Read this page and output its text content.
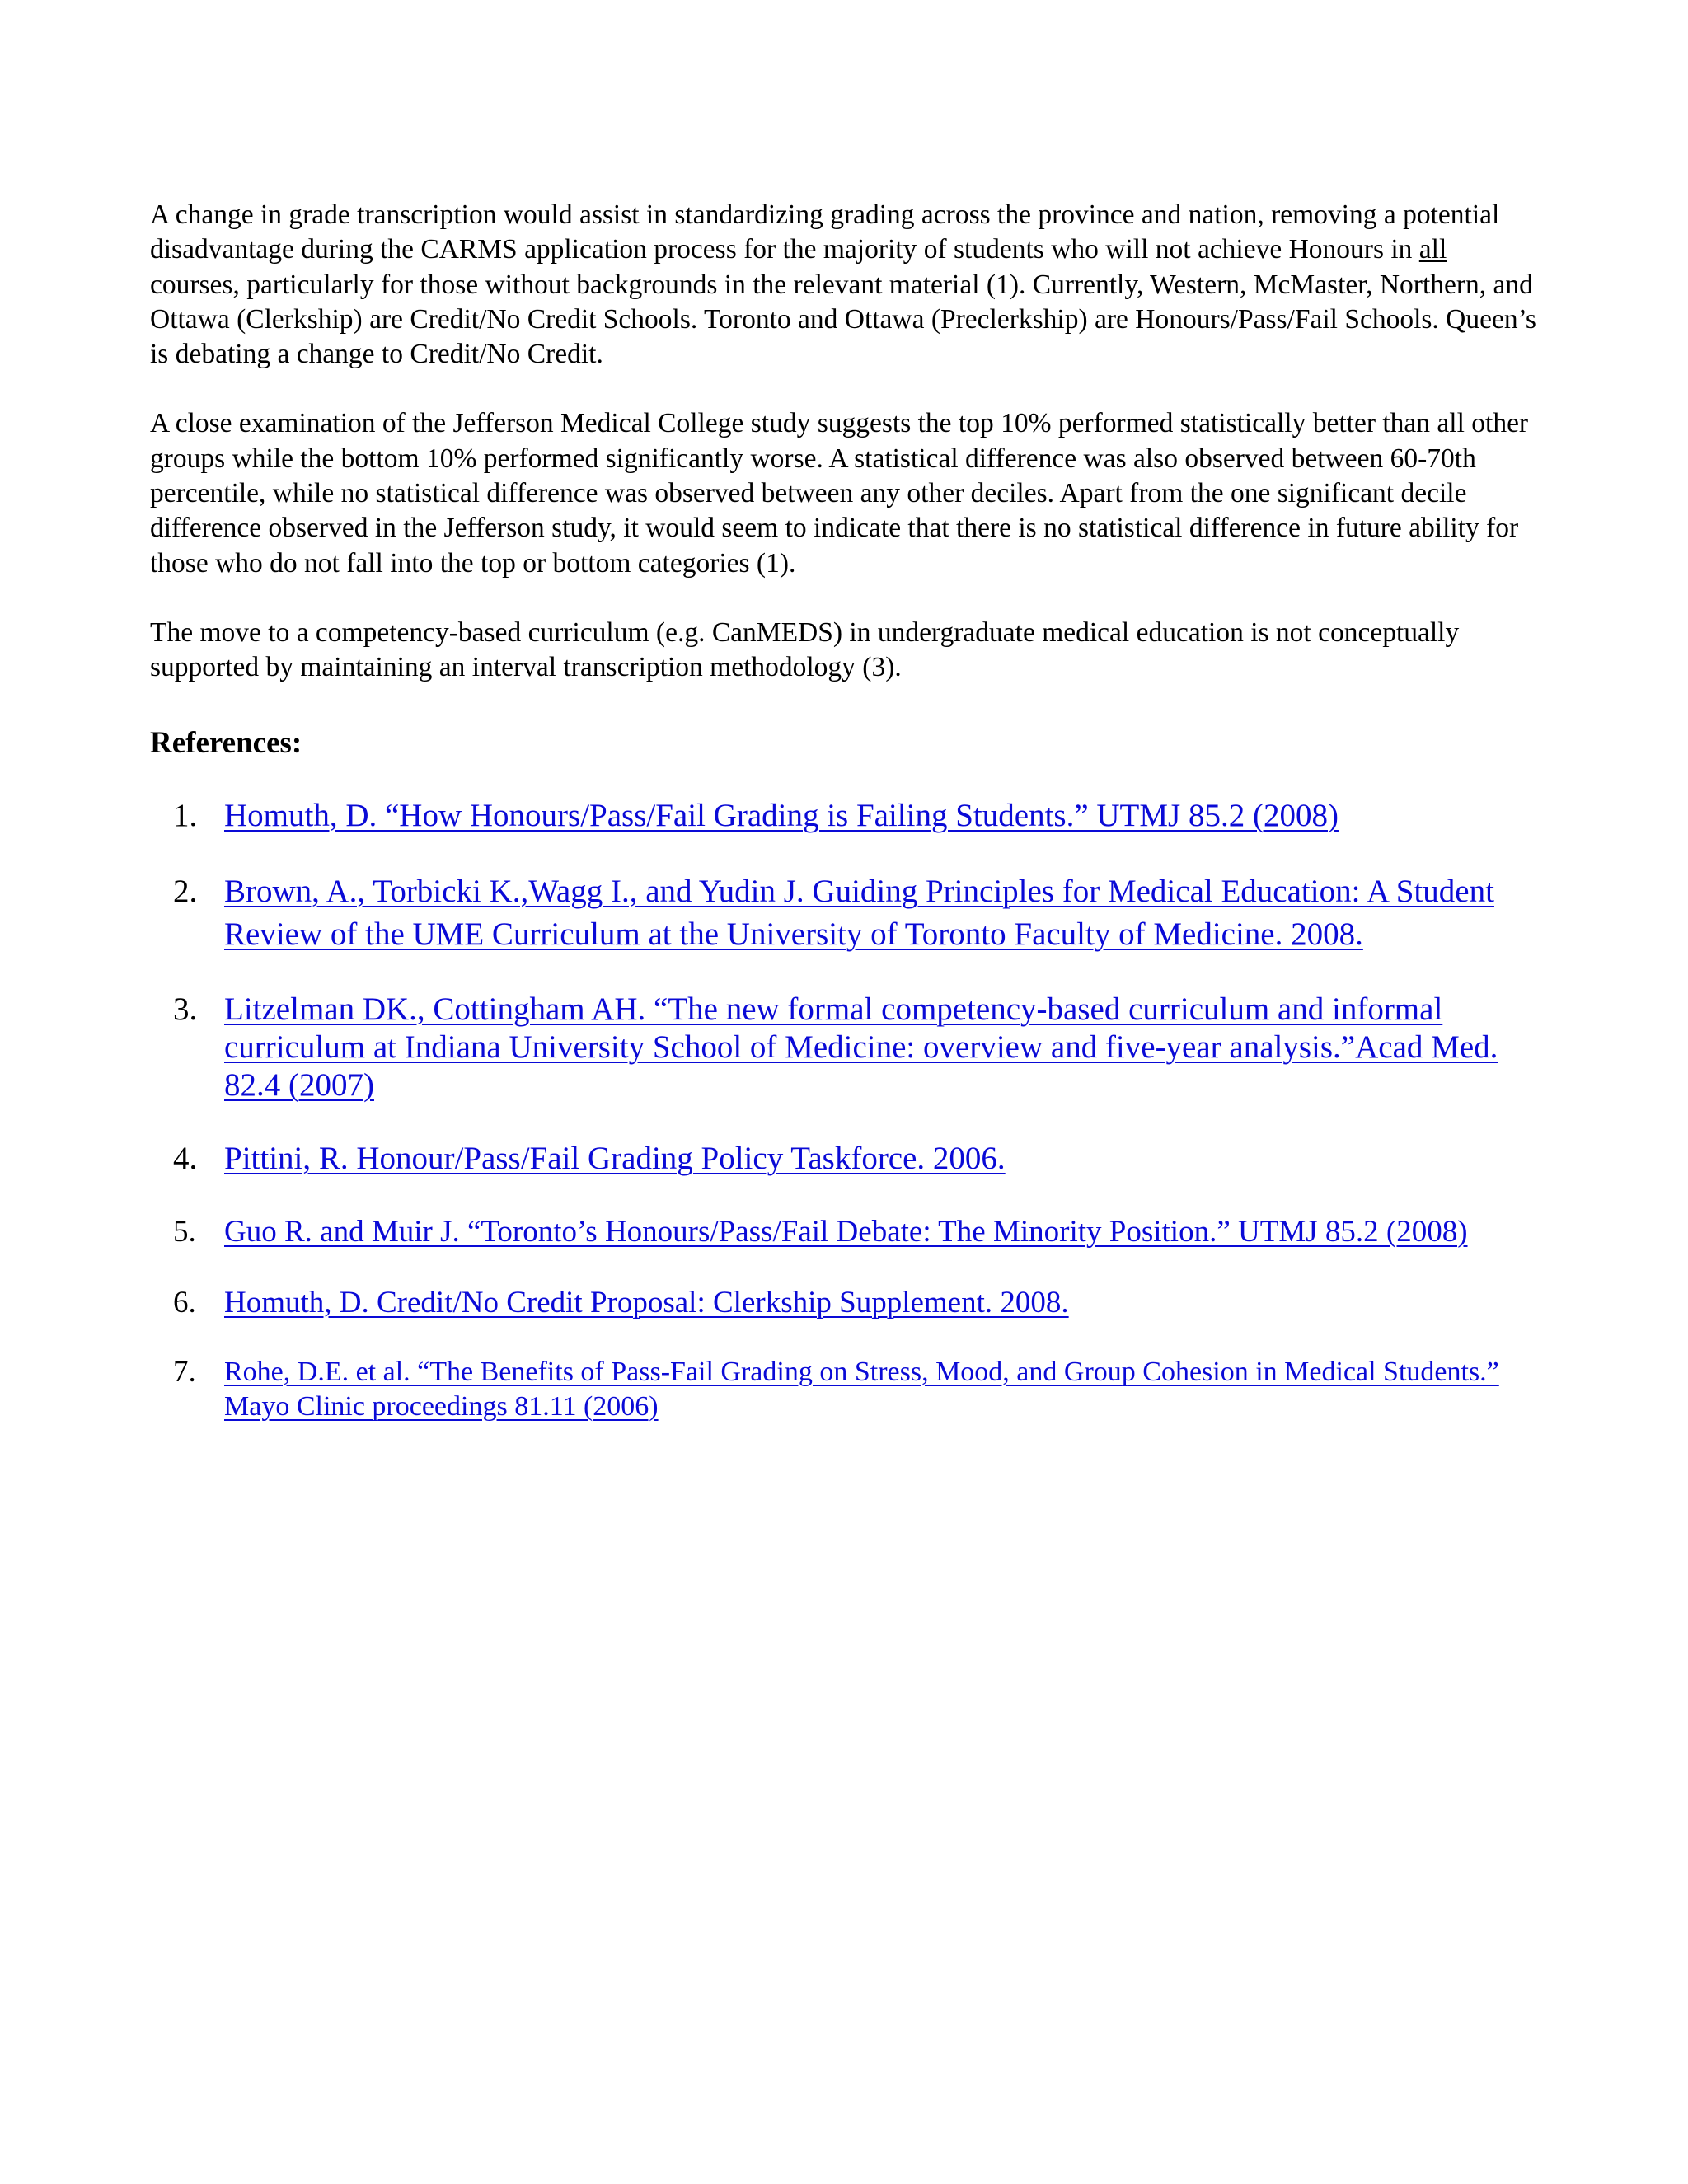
A change in grade transcription would assist in standardizing grading across the province and nation, removing a potential disadvantage during the CARMS application process for the majority of students who will not achieve Honours in all courses, particularly for those without backgrounds in the relevant material (1). Currently, Western, McMaster, Northern, and Ottawa (Clerkship) are Credit/No Credit Schools. Toronto and Ottawa (Preclerkship) are Honours/Pass/Fail Schools. Queen’s is debating a change to Credit/No Credit.

A close examination of the Jefferson Medical College study suggests the top 10% performed statistically better than all other groups while the bottom 10% performed significantly worse. A statistical difference was also observed between 60-70th percentile, while no statistical difference was observed between any other deciles. Apart from the one significant decile difference observed in the Jefferson study, it would seem to indicate that there is no statistical difference in future ability for those who do not fall into the top or bottom categories (1).

The move to a competency-based curriculum (e.g. CanMEDS) in undergraduate medical education is not conceptually supported by maintaining an interval transcription methodology (3).

References:
1. Homuth, D. “How Honours/Pass/Fail Grading is Failing Students.” UTMJ 85.2 (2008)
2. Brown, A., Torbicki K.,Wagg I., and Yudin J. Guiding Principles for Medical Education: A Student Review of the UME Curriculum at the University of Toronto Faculty of Medicine. 2008.
3. Litzelman DK., Cottingham AH. “The new formal competency-based curriculum and informal curriculum at Indiana University School of Medicine: overview and five-year analysis.”Acad Med. 82.4 (2007)
4. Pittini, R. Honour/Pass/Fail Grading Policy Taskforce. 2006.
5. Guo R. and Muir J. “Toronto’s Honours/Pass/Fail Debate: The Minority Position.” UTMJ 85.2 (2008)
6. Homuth, D. Credit/No Credit Proposal: Clerkship Supplement. 2008.
7. Rohe, D.E. et al. “The Benefits of Pass-Fail Grading on Stress, Mood, and Group Cohesion in Medical Students.” Mayo Clinic proceedings 81.11 (2006)
